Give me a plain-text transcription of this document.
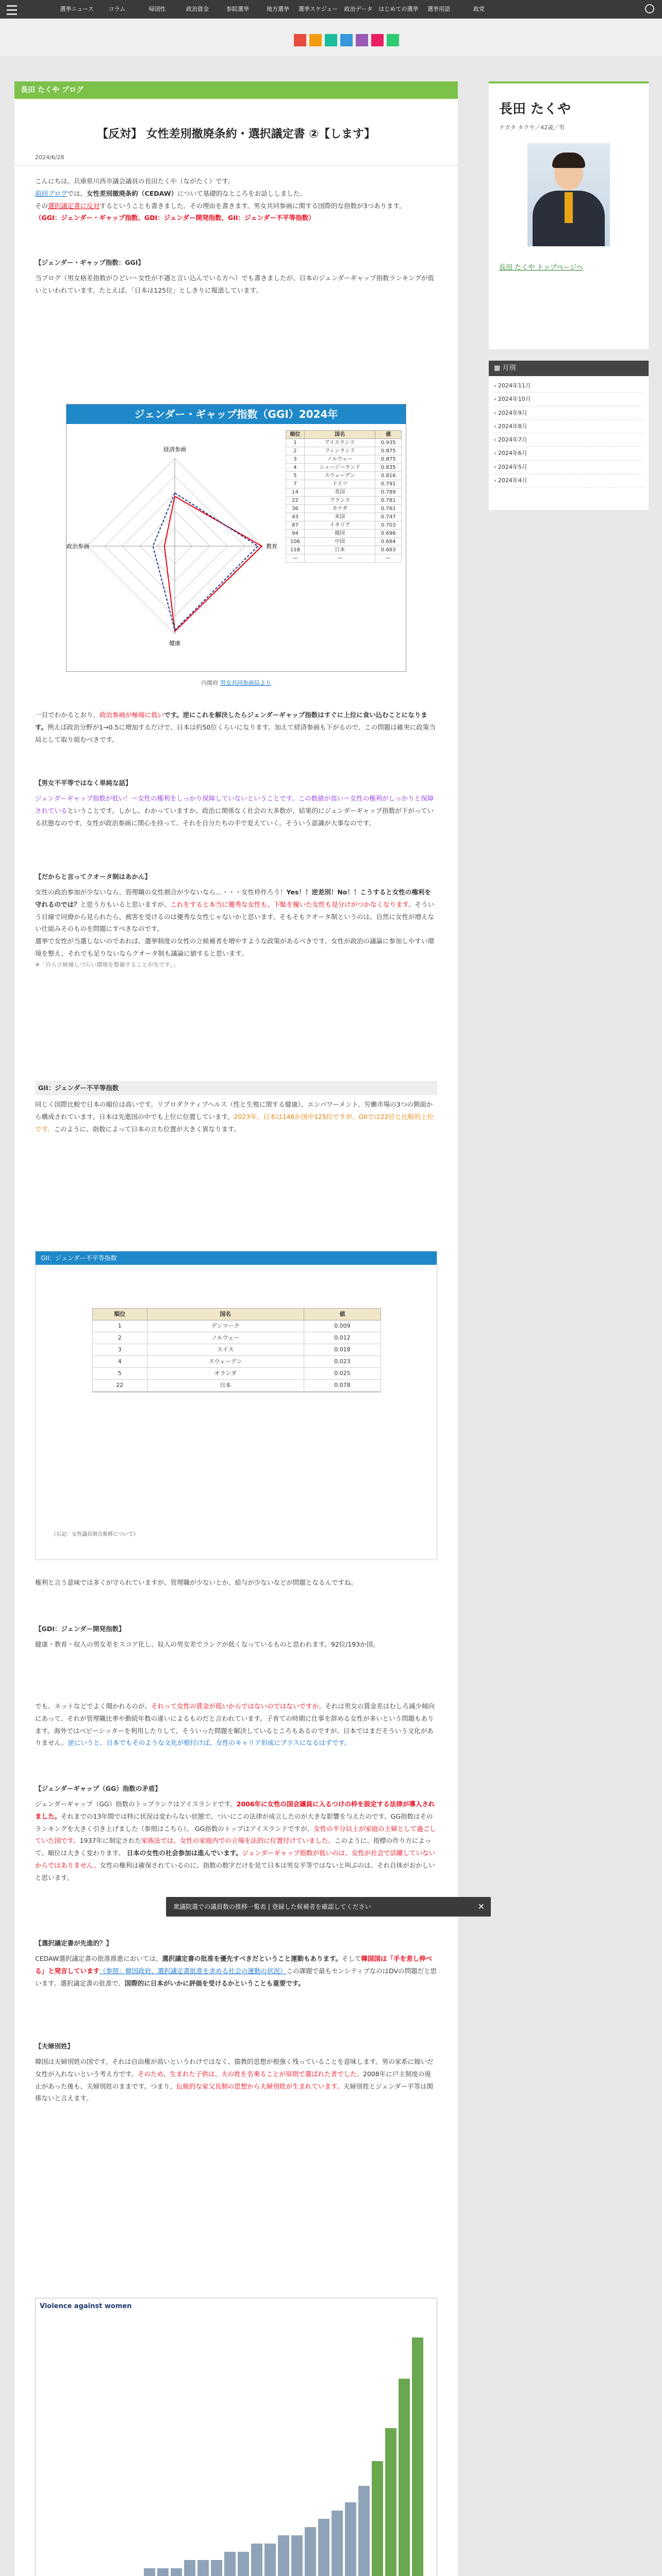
選挙ニュース	コラム	帰国性	政治資金	参院選挙	地方選挙	選挙スケジュー	政治データ	はじめての選挙	選挙用語	政党
長田 たくや ブログ
【反対】 女性差別撤廃条約・選択議定書 ②【します】
2024/6/28
こんにちは。兵庫県川西市議会議員の長田たくや（ながたく）です。
前回ブログでは、女性差別撤廃条約（CEDAW）について基礎的なところをお話ししました。
その選択議定書に反対するということも書きました。その理由を書きます。男女共同参画に関する国際的な指数が3つあります。
（GGI：ジェンダー・ギャップ指数、GDI：ジェンダー開発指数、GII：ジェンダー不平等指数）
【ジェンダー・ギャップ指数：GGI】
当ブログ（男女格差指数がひどい～女性が不遇と言い込んでいる方へ）でも書きましたが、日本のジェンダーギャップ指数ランキングが低いといわれています。たとえば、「日本は125位」としきりに報道しています。
ジェンダー・ギャップ指数（GGI）2024年
経済参画
教育
健康
政治参画
順位	国名	値
1	アイスランド	0.935
2	フィンランド	0.875
3	ノルウェー	0.875
4	ニュージーランド	0.835
5	スウェーデン	0.816
7	ドイツ	0.791
14	英国	0.789
22	フランス	0.781
36	カナダ	0.761
43	米国	0.747
87	イタリア	0.703
94	韓国	0.696
106	中国	0.684
118	日本	0.663
—	—	—
内閣府 男女共同参画局より
一目でわかるとおり、政治参画が極端に低いです。逆にこれを解決したらジェンダーギャップ指数はすぐに上位に食い込むことになります。例えば政治分野が1→0.5に増加するだけで、日本は約50位くらいになります。加えて経済参画も下がるので、この問題は確実に政策当局として取り組むべきです。
【男女不平等ではなく単純な話】
ジェンダーギャップ指数が低い！＝女性の権利をしっかり保障していないということです。この数値が高い＝女性の権利がしっかりと保障されているということです。しかし、わかっていますか。政治に関係なく社会の大多数が、結果的にジェンダーギャップ指数が下がっている状態なのです。女性が政治参画に関心を持って、それを自分たちの手で変えていく。そういう意識が大事なのです。
【だからと言ってクオータ制はあかん】
女性の政治参加が少ないなら、管理職の女性割合が少ないなら…・・・女性枠作ろう！Yes！！逆差別！No！！こうすると女性の権利を守れるのでは？と思う方もいると思いますが、これをすると本当に優秀な女性も、下駄を履いた女性も見分けがつかなくなります。そういう目線で同僚から見られたら、被害を受けるのは優秀な女性じゃないかと思います。そもそもクオータ制というのは、自然に女性が増えない仕組みそのものを問題にすべきなのです。
選挙で女性が当選しないのであれば、選挙制度の女性の立候補者を増やすような政策があるべきです。女性が政治の議論に参加しやすい環境を整え、それでも足りないならクオータ制も議論に値すると思います。
※「自ら立候補しづらい環境を整備することが先です。」
GII：ジェンダー不平等指数
同じく国際比較で日本の順位は高いです。リプロダクティブヘルス（性と生殖に関する健康）、エンパワーメント、労働市場の3つの側面から構成されています。日本は先進国の中でも上位に位置しています。2023年、日本は146か国中125位ですが、GIIでは22位と比較的上位です。このように、指数によって日本の立ち位置が大きく異なります。
GII：ジェンダー不平等指数
順位	国名	値
1	デンマーク	0.009
2	ノルウェー	0.012
3	スイス	0.018
4	スウェーデン	0.023
5	オランダ	0.025
22	日本	0.078

（右記：女性議員割合推移について）
権利と言う意味では多くが守られていますが、管理職が少ないとか、給与が少ないなどが問題となるんですね。
【GDI：ジェンダー開発指数】
健康・教育・収入の男女差をスコア化し、収入の男女差でランクが低くなっているものと思われます。92位/193か国。
でも、ネットなどでよく聞かれるのが、それって女性の賃金が低いからではないのではないですか。それは男女の賃金差はむしろ減少傾向にあって、それが管理職比率や勤続年数の違いによるものだと言われています。子育ての時期に仕事を辞める女性が多いという問題もあります。海外ではベビーシッターを利用したりして、そういった問題を解決しているところもあるのですが、日本ではまだそういう文化がありません。逆にいうと、日本でもそのような文化が根付けば、女性のキャリア形成にプラスになるはずです。
【ジェンダーギャップ（GG）指数の矛盾】
ジェンダーギャップ（GG）指数のトップランクはアイスランドです。2006年に女性の国会議員に入るつけの枠を設定する法律が導入されました。それまでの13年間では特に状況は変わらない状態で、ついにこの法律が成立したのが大きな影響を与えたのです。GG指数はそのランキングを大きく引き上げました（参照はこちら）。 GG指数のトップはアイスランドですが、女性の半分以上が家庭の主婦として過ごしていた国です。1937年に制定された家族法では、女性の家庭内での立場を法的に位置付けていました。このように、指標の作り方によって、順位は大きく変わります。 日本の女性の社会参加は進んでいます。ジェンダーギャップ指数が低いのは、女性が社会で活躍していないからではありません。女性の権利は確保されているのに、指数の数字だけを見て日本は男女平等ではないと叫ぶのは、それ自体がおかしいと思います。
衆議院選での議員数の推移一覧表 | 登録した候補者を確認してください	✕
【選択議定書が先進的？】
CEDAW選択議定書の批准推進においては、選択議定書の批准を優先すべきだということ運動もあります。そして韓国国は「手を差し伸べる」と発言しています（参照：韓国政府、選択議定書批准を求める社会の運動の状況）この課題で最もセンシティブなのはDVの問題だと思います。選択議定書の批准で、国際的に日本がいかに評価を受けるかということも重要です。
【夫婦別姓】
韓国は夫婦別姓の国です。それは自由権が高いというわけではなく、儒教的思想が根強く残っていることを意味します。男の家系に嫁いだ女性が入れないという考え方です。そのため、生まれた子供は、夫の姓を名乗ることが原則で選ばれた者でした。2008年に戸主制度の廃止があった後も、夫婦別姓のままです。つまり、伝統的な家父長制の思想から夫婦別姓が生まれています。夫婦別姓とジェンダー平等は関係ないと言えます。
Violence against women
長田 たくや
ナガタ タクヤ／42歳／男
長田 たくや トップページへ
▦ 月別
› 2024年11月
› 2024年10月
› 2024年9月
› 2024年8月
› 2024年7月
› 2024年6月
› 2024年5月
› 2024年4月
